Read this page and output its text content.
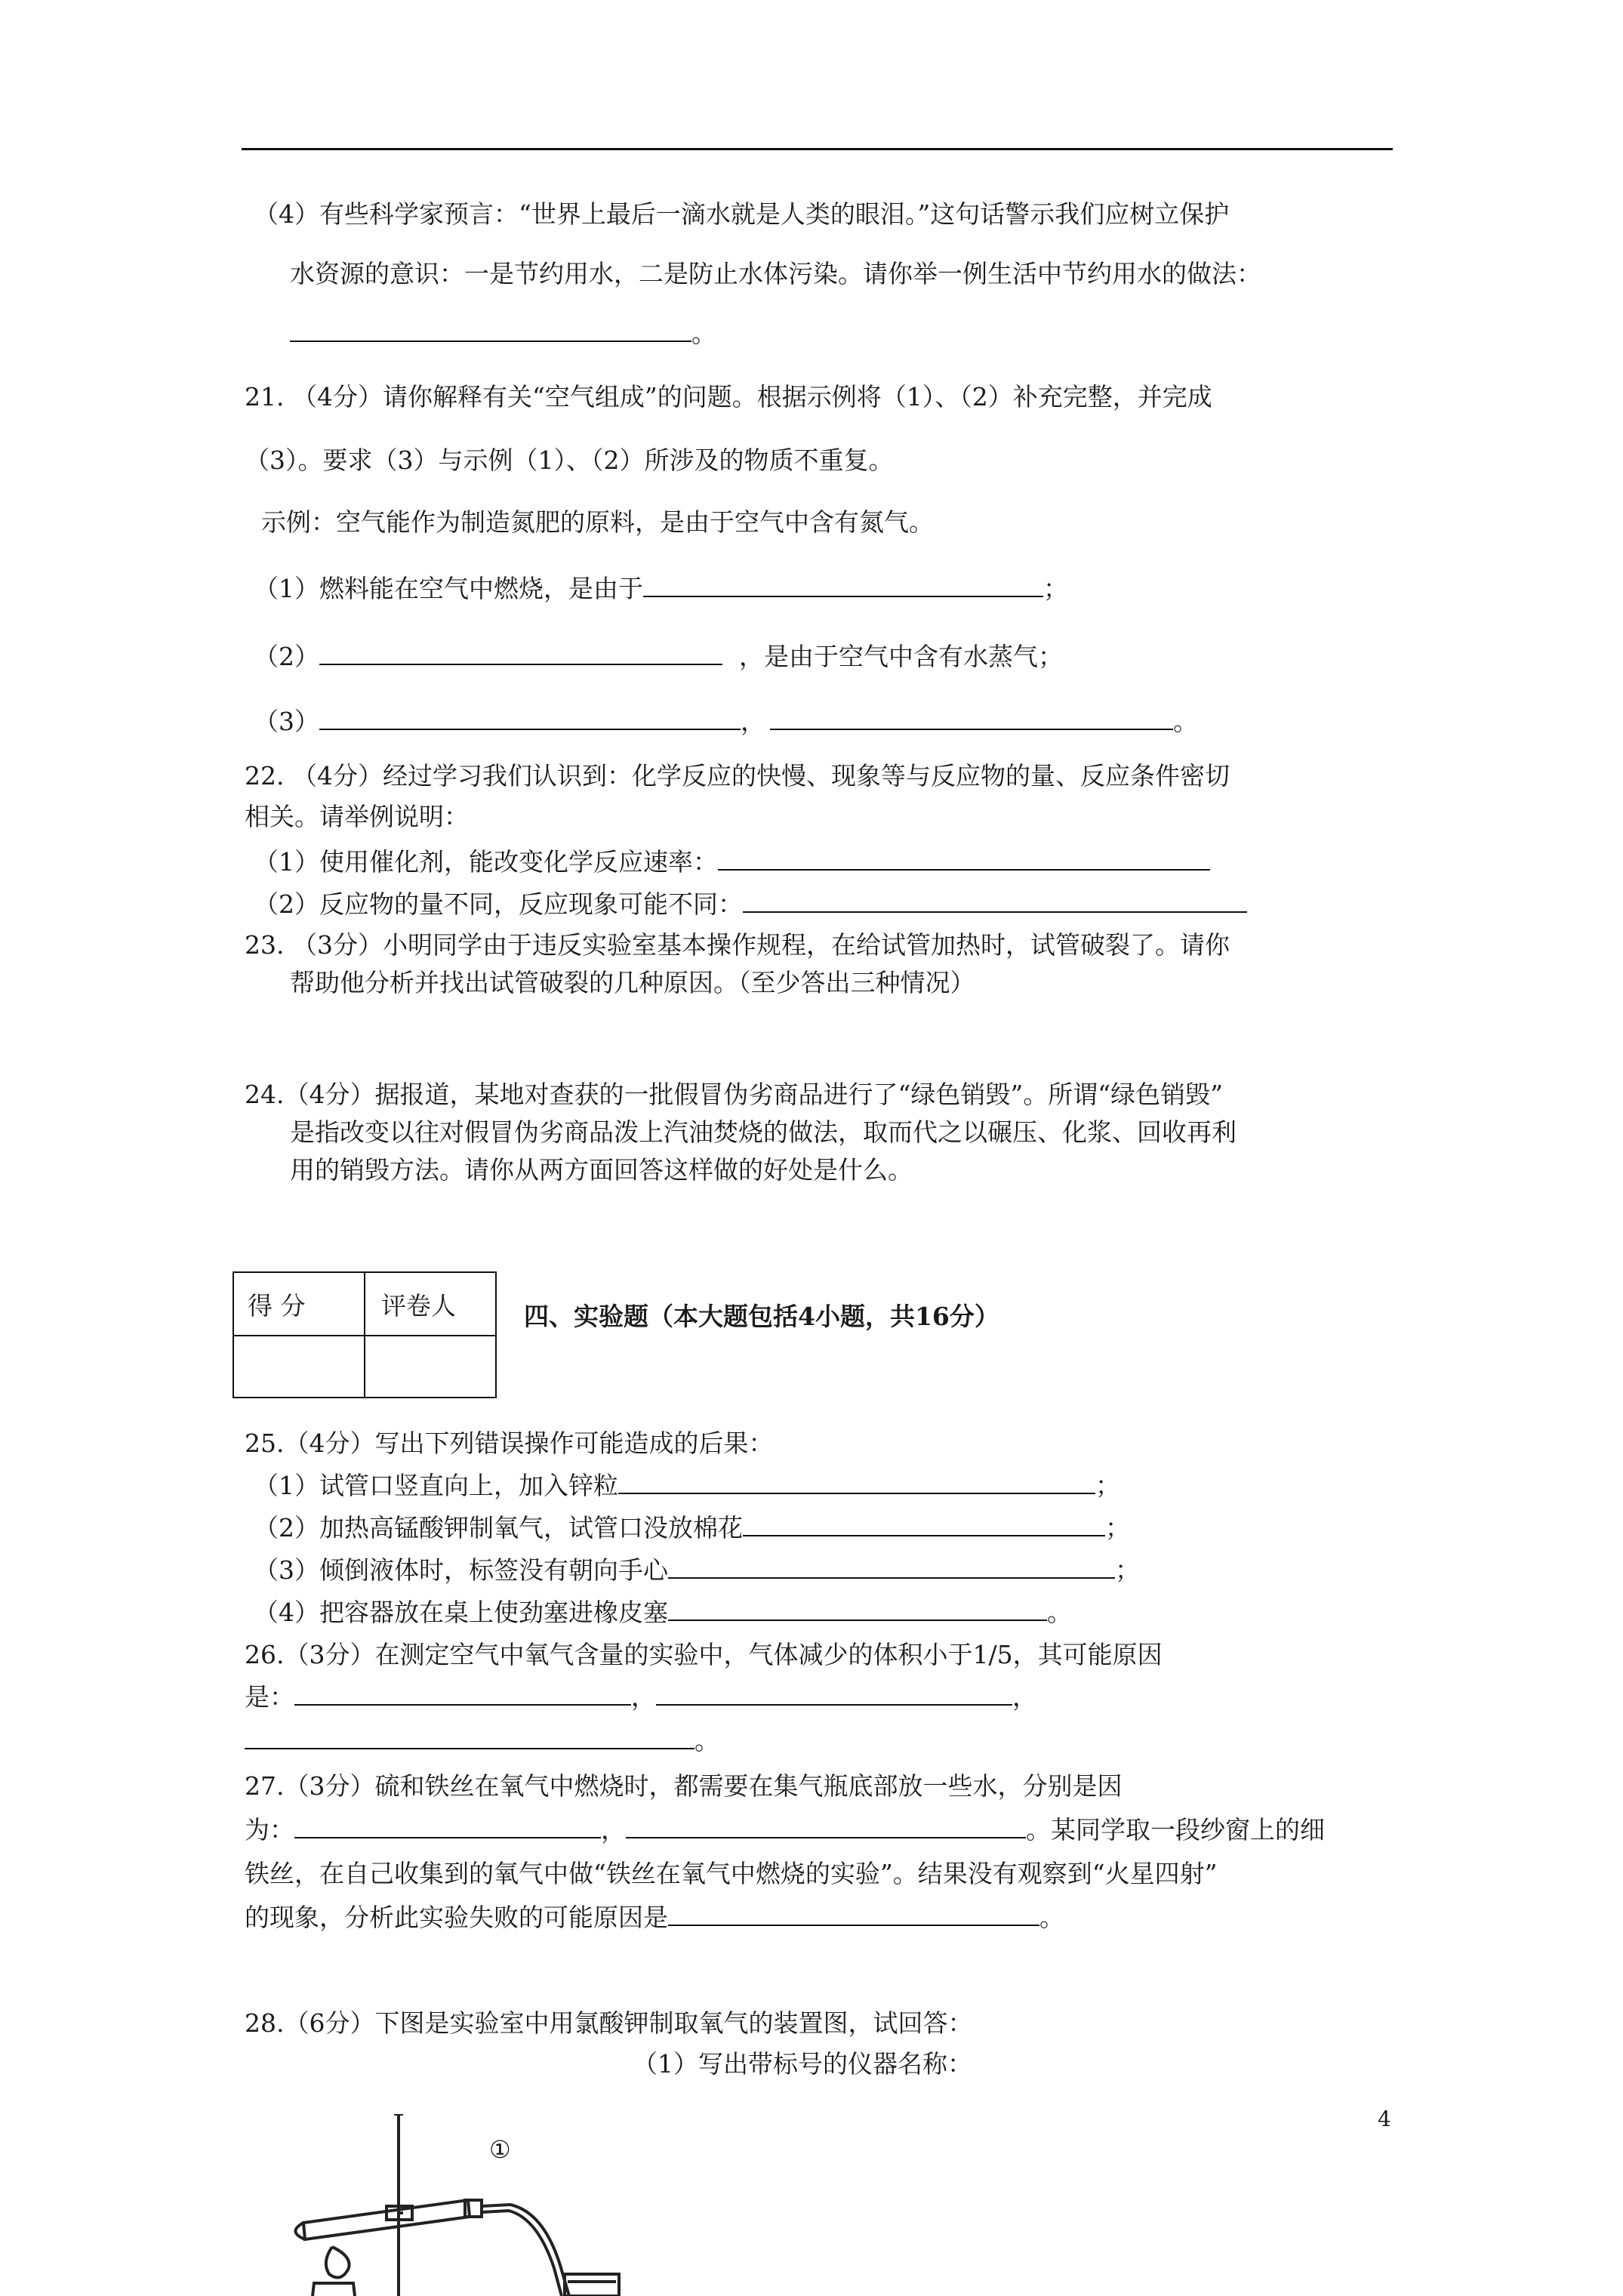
（4）有些科学家预言：“世界上最后一滴水就是人类的眼泪。”这句话警示我们应树立保护
水资源的意识：一是节约用水，二是防止水体污染。请你举一例生活中节约用水的做法：
。
21. （4分）请你解释有关“空气组成”的问题。根据示例将（1）、（2）补充完整，并完成
（3）。要求（3）与示例（1）、（2）所涉及的物质不重复。
示例：空气能作为制造氮肥的原料，是由于空气中含有氮气。
（1）燃料能在空气中燃烧，是由于	；
（2）	，是由于空气中含有水蒸气；
（3）	，	。
22. （4分）经过学习我们认识到：化学反应的快慢、现象等与反应物的量、反应条件密切
相关。请举例说明：
（1）使用催化剂，能改变化学反应速率：
（2）反应物的量不同，反应现象可能不同：
23. （3分）小明同学由于违反实验室基本操作规程，在给试管加热时，试管破裂了。请你
帮助他分析并找出试管破裂的几种原因。（至少答出三种情况）
24.（4分）据报道，某地对查获的一批假冒伪劣商品进行了“绿色销毁”。所谓“绿色销毁”
是指改变以往对假冒伪劣商品泼上汽油焚烧的做法，取而代之以碾压、化浆、回收再利
用的销毁方法。请你从两方面回答这样做的好处是什么。
得 分	评卷人	四、实验题（本大题包括4小题，共16分）
25.（4分）写出下列错误操作可能造成的后果：
（1）试管口竖直向上，加入锌粒	；
（2）加热高锰酸钾制氧气，试管口没放棉花	；
（3）倾倒液体时，标签没有朝向手心	；
（4）把容器放在桌上使劲塞进橡皮塞	。
26.（3分）在测定空气中氧气含量的实验中，气体减少的体积小于1/5，其可能原因
是：	，	，
。
27.（3分）硫和铁丝在氧气中燃烧时，都需要在集气瓶底部放一些水，分别是因
为：	，	。某同学取一段纱窗上的细
铁丝，在自己收集到的氧气中做“铁丝在氧气中燃烧的实验”。结果没有观察到“火星四射”
的现象，分析此实验失败的可能原因是	。
28.（6分）下图是实验室中用氯酸钾制取氧气的装置图，试回答：
（1）写出带标号的仪器名称：
①
4
